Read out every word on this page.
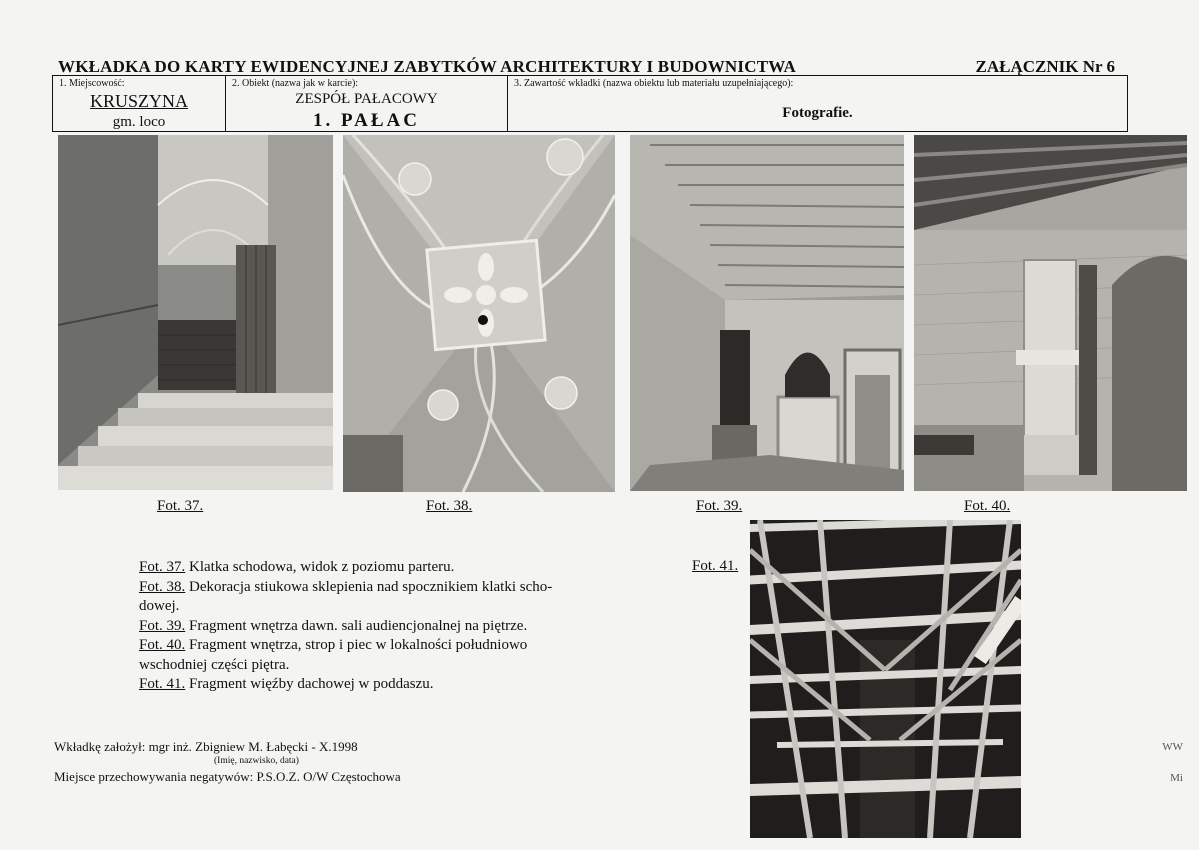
WKŁADKA DO KARTY EWIDENCYJNEJ ZABYTKÓW ARCHITEKTURY I BUDOWNICTWA	ZAŁĄCZNIK Nr 6
1. Miejscowość:
KRUSZYNA
gm. loco
2. Obiekt (nazwa jak w karcie):
ZESPÓŁ PAŁACOWY
1. PAŁAC
3. Zawartość wkładki (nazwa obiektu lub materiału uzupełniającego):
Fotografie.
Fot. 37.	Fot. 38.	Fot. 39.	Fot. 40.
Fot. 41.

Fot. 37. Klatka schodowa, widok z poziomu parteru.

Fot. 38. Dekoracja stiukowa sklepienia nad spocznikiem klatki scho-

dowej.

Fot. 39. Fragment wnętrza dawn. sali audiencjonalnej na piętrze.

Fot. 40. Fragment wnętrza, strop i piec w lokalności południowo

wschodniej części piętra.

Fot. 41. Fragment więźby dachowej w poddaszu.

Wkładkę założył: mgr inż. Zbigniew M. Łabęcki - X.1998
(Imię, nazwisko, data)
Miejsce przechowywania negatywów: P.S.O.Z. O/W Częstochowa
WW
Mi
